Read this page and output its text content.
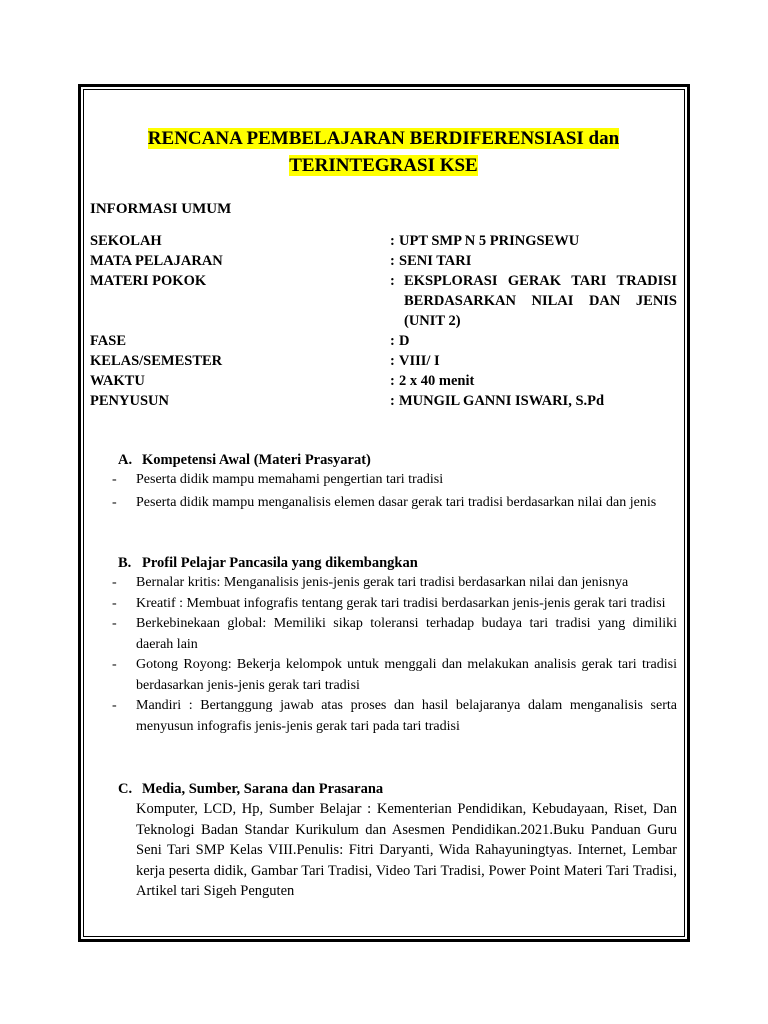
RENCANA PEMBELAJARAN BERDIFERENSIASI dan
TERINTEGRASI KSE
INFORMASI UMUM
SEKOLAH	: UPT SMP N 5 PRINGSEWU
MATA PELAJARAN	: SENI TARI
MATERI POKOK	: EKSPLORASI GERAK TARI TRADISI BERDASARKAN NILAI DAN JENIS (UNIT 2)
FASE	: D
KELAS/SEMESTER	: VIII/ I
WAKTU	: 2 x 40 menit
PENYUSUN	: MUNGIL GANNI ISWARI, S.Pd
A. Kompetensi Awal (Materi Prasyarat)
- Peserta didik mampu memahami pengertian tari tradisi
- Peserta didik mampu menganalisis elemen dasar gerak tari tradisi berdasarkan nilai dan jenis
B. Profil Pelajar Pancasila yang dikembangkan
- Bernalar kritis: Menganalisis jenis-jenis gerak tari tradisi berdasarkan nilai dan jenisnya
- Kreatif : Membuat infografis tentang gerak tari tradisi berdasarkan jenis-jenis gerak tari tradisi
- Berkebinekaan global: Memiliki sikap toleransi terhadap budaya tari tradisi yang dimiliki daerah lain
- Gotong Royong: Bekerja kelompok untuk menggali dan melakukan analisis gerak tari tradisi berdasarkan jenis-jenis gerak tari tradisi
- Mandiri : Bertanggung jawab atas proses dan hasil belajaranya dalam menganalisis serta menyusun infografis jenis-jenis gerak tari pada tari tradisi
C. Media, Sumber, Sarana dan Prasarana
Komputer, LCD, Hp, Sumber Belajar : Kementerian Pendidikan, Kebudayaan, Riset, Dan Teknologi Badan Standar Kurikulum dan Asesmen Pendidikan.2021.Buku Panduan Guru Seni Tari SMP Kelas VIII.Penulis: Fitri Daryanti, Wida Rahayuningtyas. Internet, Lembar kerja peserta didik, Gambar Tari Tradisi, Video Tari Tradisi, Power Point Materi Tari Tradisi, Artikel tari Sigeh Penguten
